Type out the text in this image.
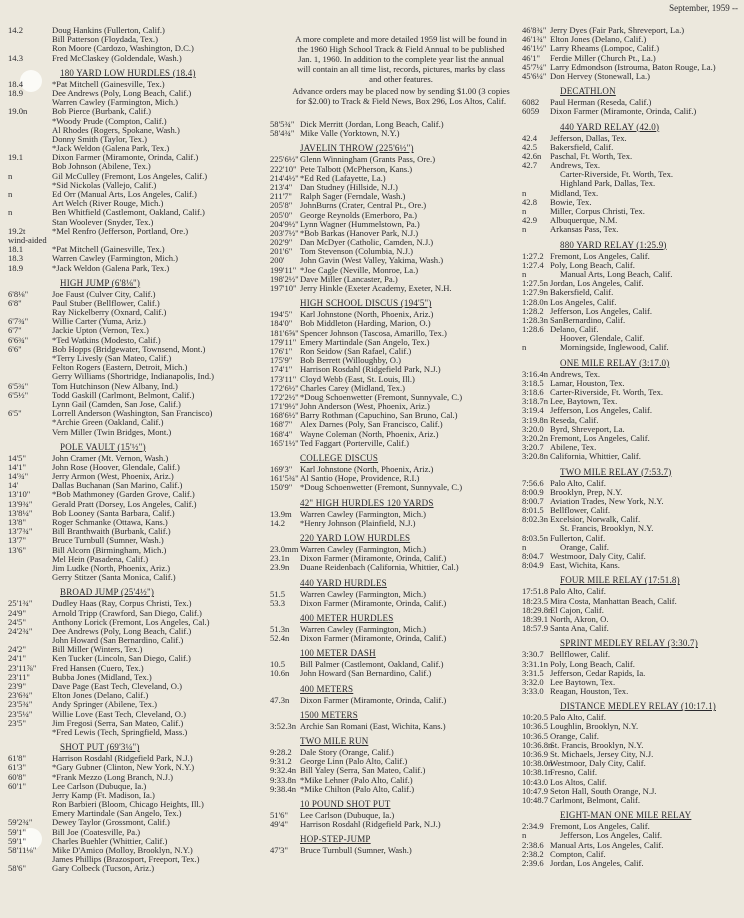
September, 1959 --
14.2	Doug Hankins (Fullerton, Calif.)
Bill Patterson (Floydada, Tex.)
Ron Moore (Cardozo, Washington, D.C.)
14.3	Fred McClaskey (Goldendale, Wash.)
180 YARD LOW HURDLES (18.4)
18.4	*Pat Mitchell (Gainesville, Tex.)
18.9	Dee Andrews (Poly, Long Beach, Calif.)
Warren Cawley (Farmington, Mich.)
19.0n	Bob Pierce (Burbank, Calif.)
*Woody Prude (Compton, Calif.)
Al Rhodes (Rogers, Spokane, Wash.)
Donny Smith (Taylor, Tex.)
*Jack Weldon (Galena Park, Tex.)
19.1	Dixon Farmer (Miramonte, Orinda, Calif.)
Bob Johnson (Abilene, Tex.)
n	Gil McCulley (Fremont, Los Angeles, Calif.)
*Sid Nickolas (Vallejo, Calif.)
n	Ed Orr (Manual Arts, Los Angeles, Calif.)
Art Welch (River Rouge, Mich.)
n	Ben Whitfield (Castlemont, Oakland, Calif.)
Stan Woolever (Snyder, Tex.)
19.2t	*Mel Renfro (Jefferson, Portland, Ore.)
wind-aided
18.1	*Pat Mitchell (Gainesville, Tex.)
18.3	Warren Cawley (Farmington, Mich.)
18.9	*Jack Weldon (Galena Park, Tex.)
HIGH JUMP (6'8⅛")
6'8⅛"	Joe Faust (Culver City, Calif.)
6'8"	Paul Stuber (Bellflower, Calif.)
Ray Nickelberry (Oxnard, Calif.)
6'7¾"	Willie Carter (Yuma, Ariz.)
6'7"	Jackie Upton (Vernon, Tex.)
6'6¾"	*Ted Watkins (Modesto, Calif.)
6'6"	Bob Hopps (Bridgewater, Townsend, Mont.)
*Terry Livesly (San Mateo, Calif.)
Felton Rogers (Eastern, Detroit, Mich.)
Gerry Williams (Shortridge, Indianapolis, Ind.)
6'5¾"	Tom Hutchinson (New Albany, Ind.)
6'5½"	Todd Gaskill (Carlmont, Belmont, Calif.)
Lynn Gail (Camden, San Jose, Calif.)
6'5"	Lorrell Anderson (Washington, San Francisco)
*Archie Green (Oakland, Calif.)
Vern Miller (Twin Bridges, Mont.)
POLE VAULT (15'½")
14'5"	John Cramer (Mt. Vernon, Wash.)
14'1"	John Rose (Hoover, Glendale, Calif.)
14'¾"	Jerry Armon (West, Phoenix, Ariz.)
14'	Dallas Buchanan (San Marino, Calif.)
13'10"	*Bob Mathmoney (Garden Grove, Calif.)
13'9¾" Gerald Pratt (Dorsey, Los Angeles, Calif.)
13'8¼" Bob Looney (Santa Barbara, Calif.)
13'8"	Roger Schmanke (Ottawa, Kans.)
13'7¾" Bill Branthwaith (Burbank, Calif.)
13'7"	Bruce Turnbull (Sumner, Wash.)
13'6"	Bill Alcorn (Birmingham, Mich.)
Mel Hein (Pasadena, Calif.)
Jim Ludke (North, Phoenix, Ariz.)
Gerry Stitzer (Santa Monica, Calif.)
BROAD JUMP (25'4½")
25'1¾" Dudley Haas (Ray, Corpus Christi, Tex.)
24'9"	Arnold Tripp (Crawford, San Diego, Calif.)
24'5"	Anthony Lorick (Fremont, Los Angeles, Cal.)
24'2¾" Dee Andrews (Poly, Long Beach, Calif.)
John Howard (San Bernardino, Calif.)
24'2"	Bill Miller (Winters, Tex.)
24'1"	Ken Tucker (Lincoln, San Diego, Calif.)
23'11⅞" Fred Hansen (Cuero, Tex.)
23'11"	Bubba Jones (Midland, Tex.)
23'9"	Dave Page (East Tech, Cleveland, O.)
23'6¾" Elton Jones (Delano, Calif.)
23'5¾" Andy Springer (Abilene, Tex.)
23'5¼" Willie Love (East Tech, Cleveland, O.)
23'5"	Jim Fregosi (Serra, San Mateo, Calif.)
*Fred Lewis (Tech, Springfield, Mass.)
SHOT PUT (69'3¼")
61'8"	Harrison Rosdahl (Ridgefield Park, N.J.)
61'3"	*Gary Gubner (Clinton, New York, N.Y.)
60'8"	*Frank Mezzo (Long Branch, N.J.)
60'1"	Lee Carlson (Dubuque, Ia.)
Jerry Kamp (Ft. Madison, Ia.)
Ron Barbieri (Bloom, Chicago Heights, Ill.)
Emery Martindale (San Angelo, Tex.)
59'2¾" Dewey Taylor (Grossmont, Calif.)
59'1"	Bill Joe (Coatesville, Pa.)
59'1"	Charles Buehler (Whittier, Calif.)
58'11⅛" Mike D'Amico (Molloy, Brooklyn, N.Y.)
James Phillips (Brazosport, Freeport, Tex.)
58'6"	Gary Colbeck (Tucson, Ariz.)

A more complete and more detailed 1959 list will be found in the 1960 High School Track & Field Annual to be published Jan. 1, 1960. In addition to the complete year list the annual will contain an all time list, records, pictures, marks by class and other features.

Advance orders may be placed now by sending $1.00 (3 copies for $2.00) to Track & Field News, Box 296, Los Altos, Calif.

58'5¾" Dick Merritt (Jordan, Long Beach, Calif.)
58'4¾" Mike Valle (Yorktown, N.Y.)
JAVELIN THROW (225'6½")
225'6½" Glenn Winningham (Grants Pass, Ore.)
222'10" Pete Talbott (McPherson, Kans.)
214'4½" *Ed Red (Lafayette, La.)
213'4" Dan Studney (Hillside, N.J.)
211'7" Ralph Sager (Ferndale, Wash.)
205'8" JohnBurns (Crater, Central Pt., Ore.)
205'0" George Reynolds (Emerboro, Pa.)
204'9½" Lynn Wagner (Hummelstown, Pa.)
203'7½" *Bob Barkas (Hanover Park, N.J.)
202'9" Dan McDyer (Catholic, Camden, N.J.)
201'6" Tom Stevenson (Columbia, N.J.)
200' John Gavin (West Valley, Yakima, Wash.)
199'11" *Joe Cagle (Neville, Monroe, La.)
198'2½" Dave Miller (Lancaster, Pa.)
197'10" Jerry Hinkle (Exeter Academy, Exeter, N.H.
HIGH SCHOOL DISCUS (194'5")
194'5" Karl Johnstone (North, Phoenix, Ariz.)
184'0" Bob Middleton (Harding, Marion, O.)
181'6⅝" Spencer Johnson (Tascosa, Amarillo, Tex.)
179'11" Emery Martindale (San Angelo, Tex.)
176'1" Ron Seidow (San Rafael, Calif.)
175'9" Bob Berrett (Willoughby, O.)
174'1" Harrison Rosdahl (Ridgefield Park, N.J.)
173'11" Cloyd Webb (East, St. Louis, Ill.)
172'6½" Charles Carey (Midland, Tex.)
172'2½" *Doug Schoenwetter (Fremont, Sunnyvale, C.)
171'9½" John Anderson (West, Phoenix, Ariz.)
168'6½" Barry Rothman (Capuchino, San Bruno, Cal.)
168'7" Alex Darnes (Poly, San Francisco, Calif.)
168'4" Wayne Coleman (North, Phoenix, Ariz.)
165'1½" Ted Faggart (Porterville, Calif.)
COLLEGE DISCUS
169'3" Karl Johnstone (North, Phoenix, Ariz.)
161'5¾" Al Santio (Hope, Providence, R.I.)
150'9" *Doug Schoenwetter (Fremont, Sunnyvale, C.)
42" HIGH HURDLES 120 YARDS
13.9m Warren Cawley (Farmington, Mich.)
14.2 *Henry Johnson (Plainfield, N.J.)
220 YARD LOW HURDLES
23.0mm Warren Cawley (Farmington, Mich.)
23.1n Dixon Farmer (Miramonte, Orinda, Calif.)
23.9n Duane Reidenbach (California, Whittier, Cal.)
440 YARD HURDLES
51.5 Warren Cawley (Farmington, Mich.)
53.3 Dixon Farmer (Miramonte, Orinda, Calif.)
400 METER HURDLES
51.3n Warren Cawley (Farmington, Mich.)
52.4n Dixon Farmer (Miramonte, Orinda, Calif.)
100 METER DASH
10.5 Bill Palmer (Castlemont, Oakland, Calif.)
10.6n John Howard (San Bernardino, Calif.)
400 METERS
47.3n Dixon Farmer (Miramonte, Orinda, Calif.)
1500 METERS
3:52.3n Archie San Romani (East, Wichita, Kans.)
TWO MILE RUN
9:28.2 Dale Story (Orange, Calif.)
9:31.2 George Linn (Palo Alto, Calif.)
9:32.4n Bill Yaley (Serra, San Mateo, Calif.)
9:33.8n *Mike Lehner (Palo Alto, Calif.)
9:38.4n *Mike Chilton (Palo Alto, Calif.)
10 POUND SHOT PUT
51'6" Lee Carlson (Dubuque, Ia.)
49'4" Harrison Rosdahl (Ridgefield Park, N.J.)
HOP-STEP-JUMP
47'3" Bruce Turnbull (Sumner, Wash.)
46'8¾" Jerry Dyes (Fair Park, Shreveport, La.)
46'1¾" Elton Jones (Delano, Calif.)
46'1½" Larry Rheams (Lompoc, Calif.)
46'1" Ferdie Miller (Church Pt., La.)
45'7¼" Larry Edmondson (Istrouma, Baton Rouge, La.)
45'6¼" Don Hervey (Stonewall, La.)
DECATHLON
6082 Paul Herman (Reseda, Calif.)
6059 Dixon Farmer (Miramonte, Orinda, Calif.)
440 YARD RELAY (42.0)
42.4 Jefferson, Dallas, Tex.
42.5 Bakersfield, Calif.
42.6n Paschal, Ft. Worth, Tex.
42.7 Andrews, Tex.
Carter-Riverside, Ft. Worth, Tex.
Highland Park, Dallas, Tex.
n	Midland, Tex.
42.8 Bowie, Tex.
n	Miller, Corpus Christi, Tex.
42.9 Albuquerque, N.M.
n	Arkansas Pass, Tex.
880 YARD RELAY (1:25.9)
1:27.2 Fremont, Los Angeles, Calif.
1:27.4 Poly, Long Beach, Calif.
n	Manual Arts, Long Beach, Calif.
1:27.5n Jordan, Los Angeles, Calif.
1:27.9n Bakersfield, Calif.
1:28.0n Los Angeles, Calif.
1:28.2 Jefferson, Los Angeles, Calif.
1:28.3n SanBernardino, Calif.
1:28.6 Delano, Calif.
Hoover, Glendale, Calif.
n	Morningside, Inglewood, Calif.
ONE MILE RELAY (3:17.0)
3:16.4n Andrews, Tex.
3:18.5 Lamar, Houston, Tex.
3:18.6 Carter-Riverside, Ft. Worth, Tex.
3:18.7n Lee, Baytown, Tex.
3:19.4 Jefferson, Los Angeles, Calif.
3:19.8n Reseda, Calif.
3:20.0 Byrd, Shreveport, La.
3:20.2n Fremont, Los Angeles, Calif.
3:20.7 Abilene, Tex.
3:20.8n California, Whittier, Calif.
TWO MILE RELAY (7:53.7)
7:56.6 Palo Alto, Calif.
8:00.9 Brooklyn, Prep, N.Y.
8:00.7 Aviation Trades, New York, N.Y.
8:01.5 Bellflower, Calif.
8:02.3n Excelsior, Norwalk, Calif.
St. Francis, Brooklyn, N.Y.
8:03.5n Fullerton, Calif.
n	Orange, Calif.
8:04.7 Westmoor, Daly City, Calif.
8:04.9 East, Wichita, Kans.
FOUR MILE RELAY (17:51.8)
17:51.8 Palo Alto, Calif.
18:23.5 Mira Costa, Manhattan Beach, Calif.
18:29.8n
El Cajon, Calif.
18:39.1 North, Akron, O.
18:57.9 Santa Ana, Calif.
SPRINT MEDLEY RELAY (3:30.7)
3:30.7 Bellflower, Calif.
3:31.1n Poly, Long Beach, Calif.
3:31.5 Jefferson, Cedar Rapids, Ia.
3:32.0 Lee Baytown, Tex.
3:33.0 Reagan, Houston, Tex.
DISTANCE MEDLEY RELAY (10:17.1)
10:20.5 Palo Alto, Calif.
10:36.5 Loughlin, Brooklyn, N.Y.
10:36.5 Orange, Calif.
10:36.8n
St. Francis, Brooklyn, N.Y.
10:36.9 St. Michaels, Jersey City, N.J.
10:38.0n
Westmoor, Daly City, Calif.
10:38.1n
Fresno, Calif.
10:43.0 Los Altos, Calif.
10:47.9 Seton Hall, South Orange, N.J.
10:48.7 Carlmont, Belmont, Calif.
EIGHT-MAN ONE MILE RELAY
2:34.9 Fremont, Los Angeles, Calif.
n	Jefferson, Los Angeles, Calif.
2:38.6 Manual Arts, Los Angeles, Calif.
2:38.2 Compton, Calif.
2:39.6 Jordan, Los Angeles, Calif.
